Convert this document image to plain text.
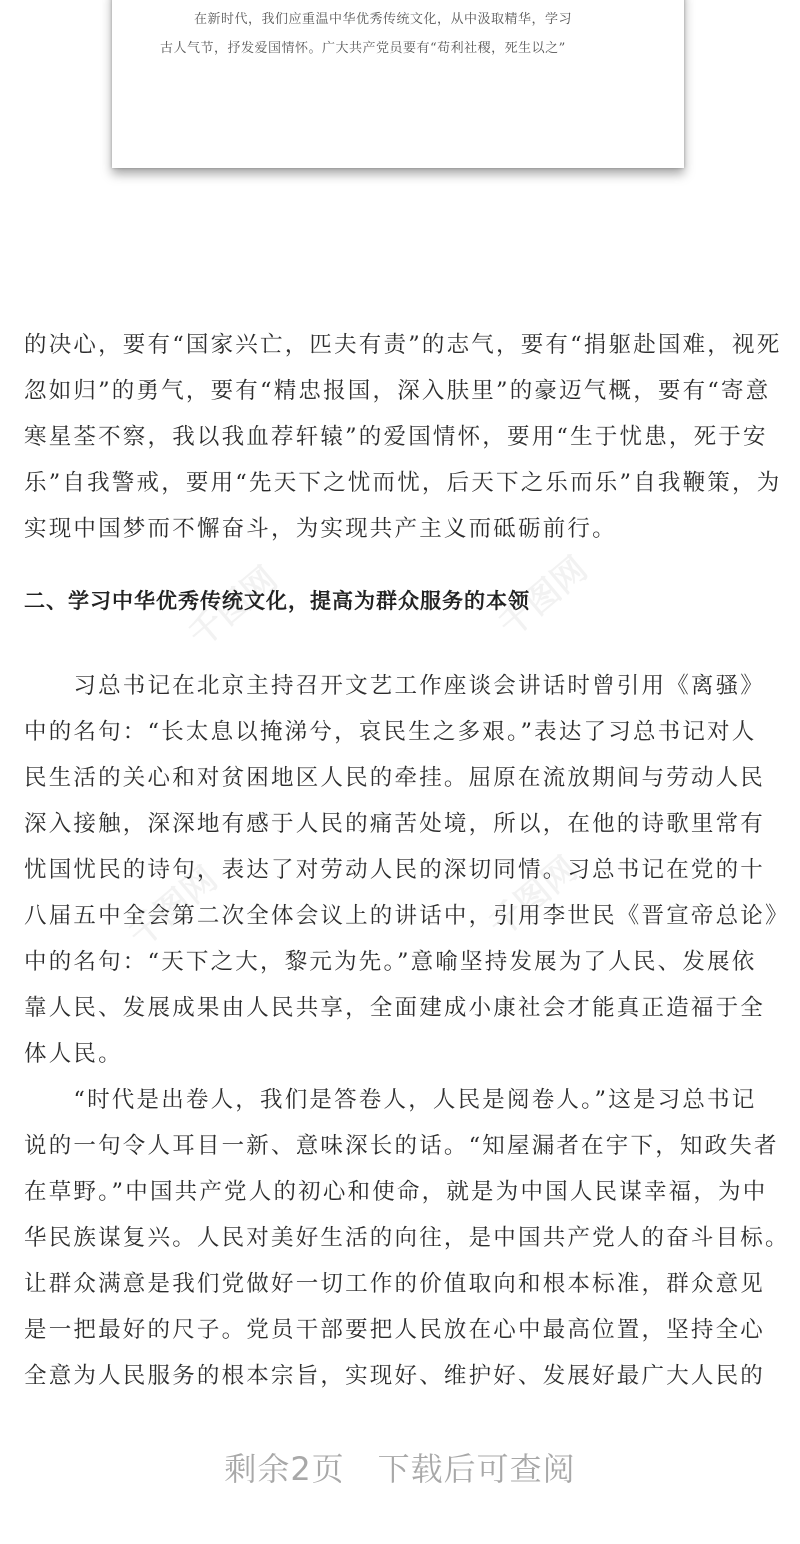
在新时代，我们应重温中华优秀传统文化，从中汲取精华，学习
古人气节，抒发爱国情怀。广大共产党员要有“苟利社稷，死生以之”
千图网	千图网
千图网	千图网

的决心，要有“国家兴亡，匹夫有责”的志气，要有“捐躯赴国难，视死

忽如归”的勇气，要有“精忠报国，深入肤里”的豪迈气概，要有“寄意

寒星荃不察，我以我血荐轩辕”的爱国情怀，要用“生于忧患，死于安

乐”自我警戒，要用“先天下之忧而忧，后天下之乐而乐”自我鞭策，为

实现中国梦而不懈奋斗，为实现共产主义而砥砺前行。

二、学习中华优秀传统文化，提高为群众服务的本领

　　习总书记在北京主持召开文艺工作座谈会讲话时曾引用《离骚》

中的名句：“长太息以掩涕兮，哀民生之多艰。”表达了习总书记对人

民生活的关心和对贫困地区人民的牵挂。屈原在流放期间与劳动人民

深入接触，深深地有感于人民的痛苦处境，所以，在他的诗歌里常有

忧国忧民的诗句，表达了对劳动人民的深切同情。习总书记在党的十

八届五中全会第二次全体会议上的讲话中，引用李世民《晋宣帝总论》

中的名句：“天下之大，黎元为先。”意喻坚持发展为了人民、发展依

靠人民、发展成果由人民共享，全面建成小康社会才能真正造福于全

体人民。

　　“时代是出卷人，我们是答卷人，人民是阅卷人。”这是习总书记

说的一句令人耳目一新、意味深长的话。“知屋漏者在宇下，知政失者

在草野。”中国共产党人的初心和使命，就是为中国人民谋幸福，为中

华民族谋复兴。人民对美好生活的向往，是中国共产党人的奋斗目标。

让群众满意是我们党做好一切工作的价值取向和根本标准，群众意见

是一把最好的尺子。党员干部要把人民放在心中最高位置，坚持全心

全意为人民服务的根本宗旨，实现好、维护好、发展好最广大人民的

剩余2页　下载后可查阅
